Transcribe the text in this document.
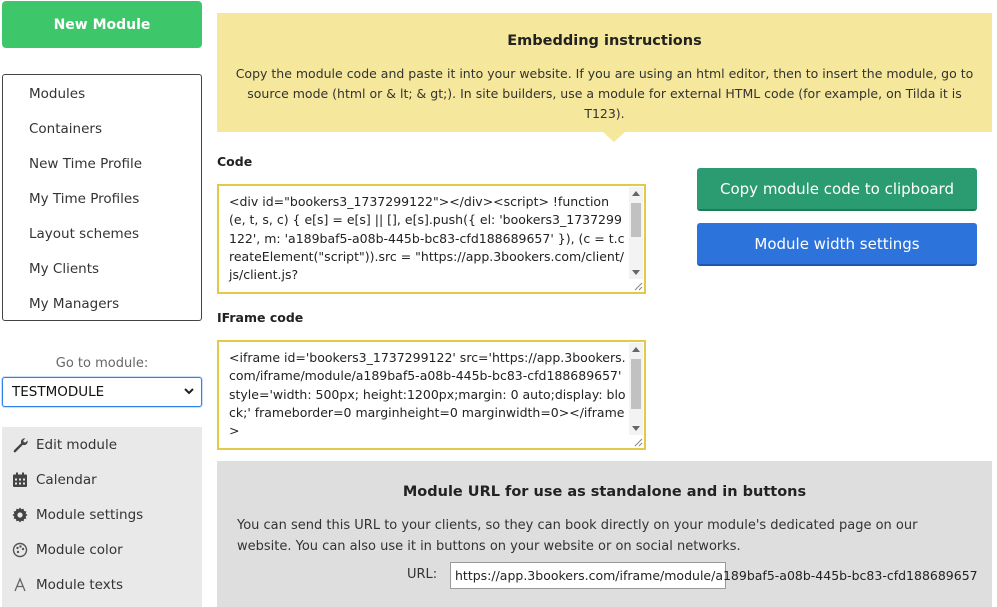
New Module
Modules
Containers
New Time Profile
My Time Profiles
Layout schemes
My Clients
My Managers
Go to module:
TESTMODULE
Edit module
Calendar
Module settings
Module color
Module texts
Embedding instructions
Copy the module code and paste it into your website. If you are using an html editor, then to insert the module, go to source mode (html or & lt; & gt;). In site builders, use a module for external HTML code (for example, on Tilda it is T123).
Code
<div id="bookers3_1737299122"></div><script> !function (e, t, s, c) { e[s] = e[s] || [], e[s].push({ el: 'bookers3_1737299122', m: 'a189baf5-a08b-445b-bc83-cfd188689657' }), (c = t.createElement("script")).src = "https://app.3bookers.com/client/js/client.js?
IFrame code
<iframe id='bookers3_1737299122' src='https://app.3bookers.com/iframe/module/a189baf5-a08b-445b-bc83-cfd188689657' style='width: 500px; height:1200px;margin: 0 auto;display: block;' frameborder=0 marginheight=0 marginwidth=0></iframe>
Copy module code to clipboard
Module width settings
Module URL for use as standalone and in buttons
You can send this URL to your clients, so they can book directly on your module's dedicated page on our website. You can also use it in buttons on your website or on social networks.
URL:	https://app.3bookers.com/iframe/module/a189baf5-a08b-445b-bc83-cfd188689657
